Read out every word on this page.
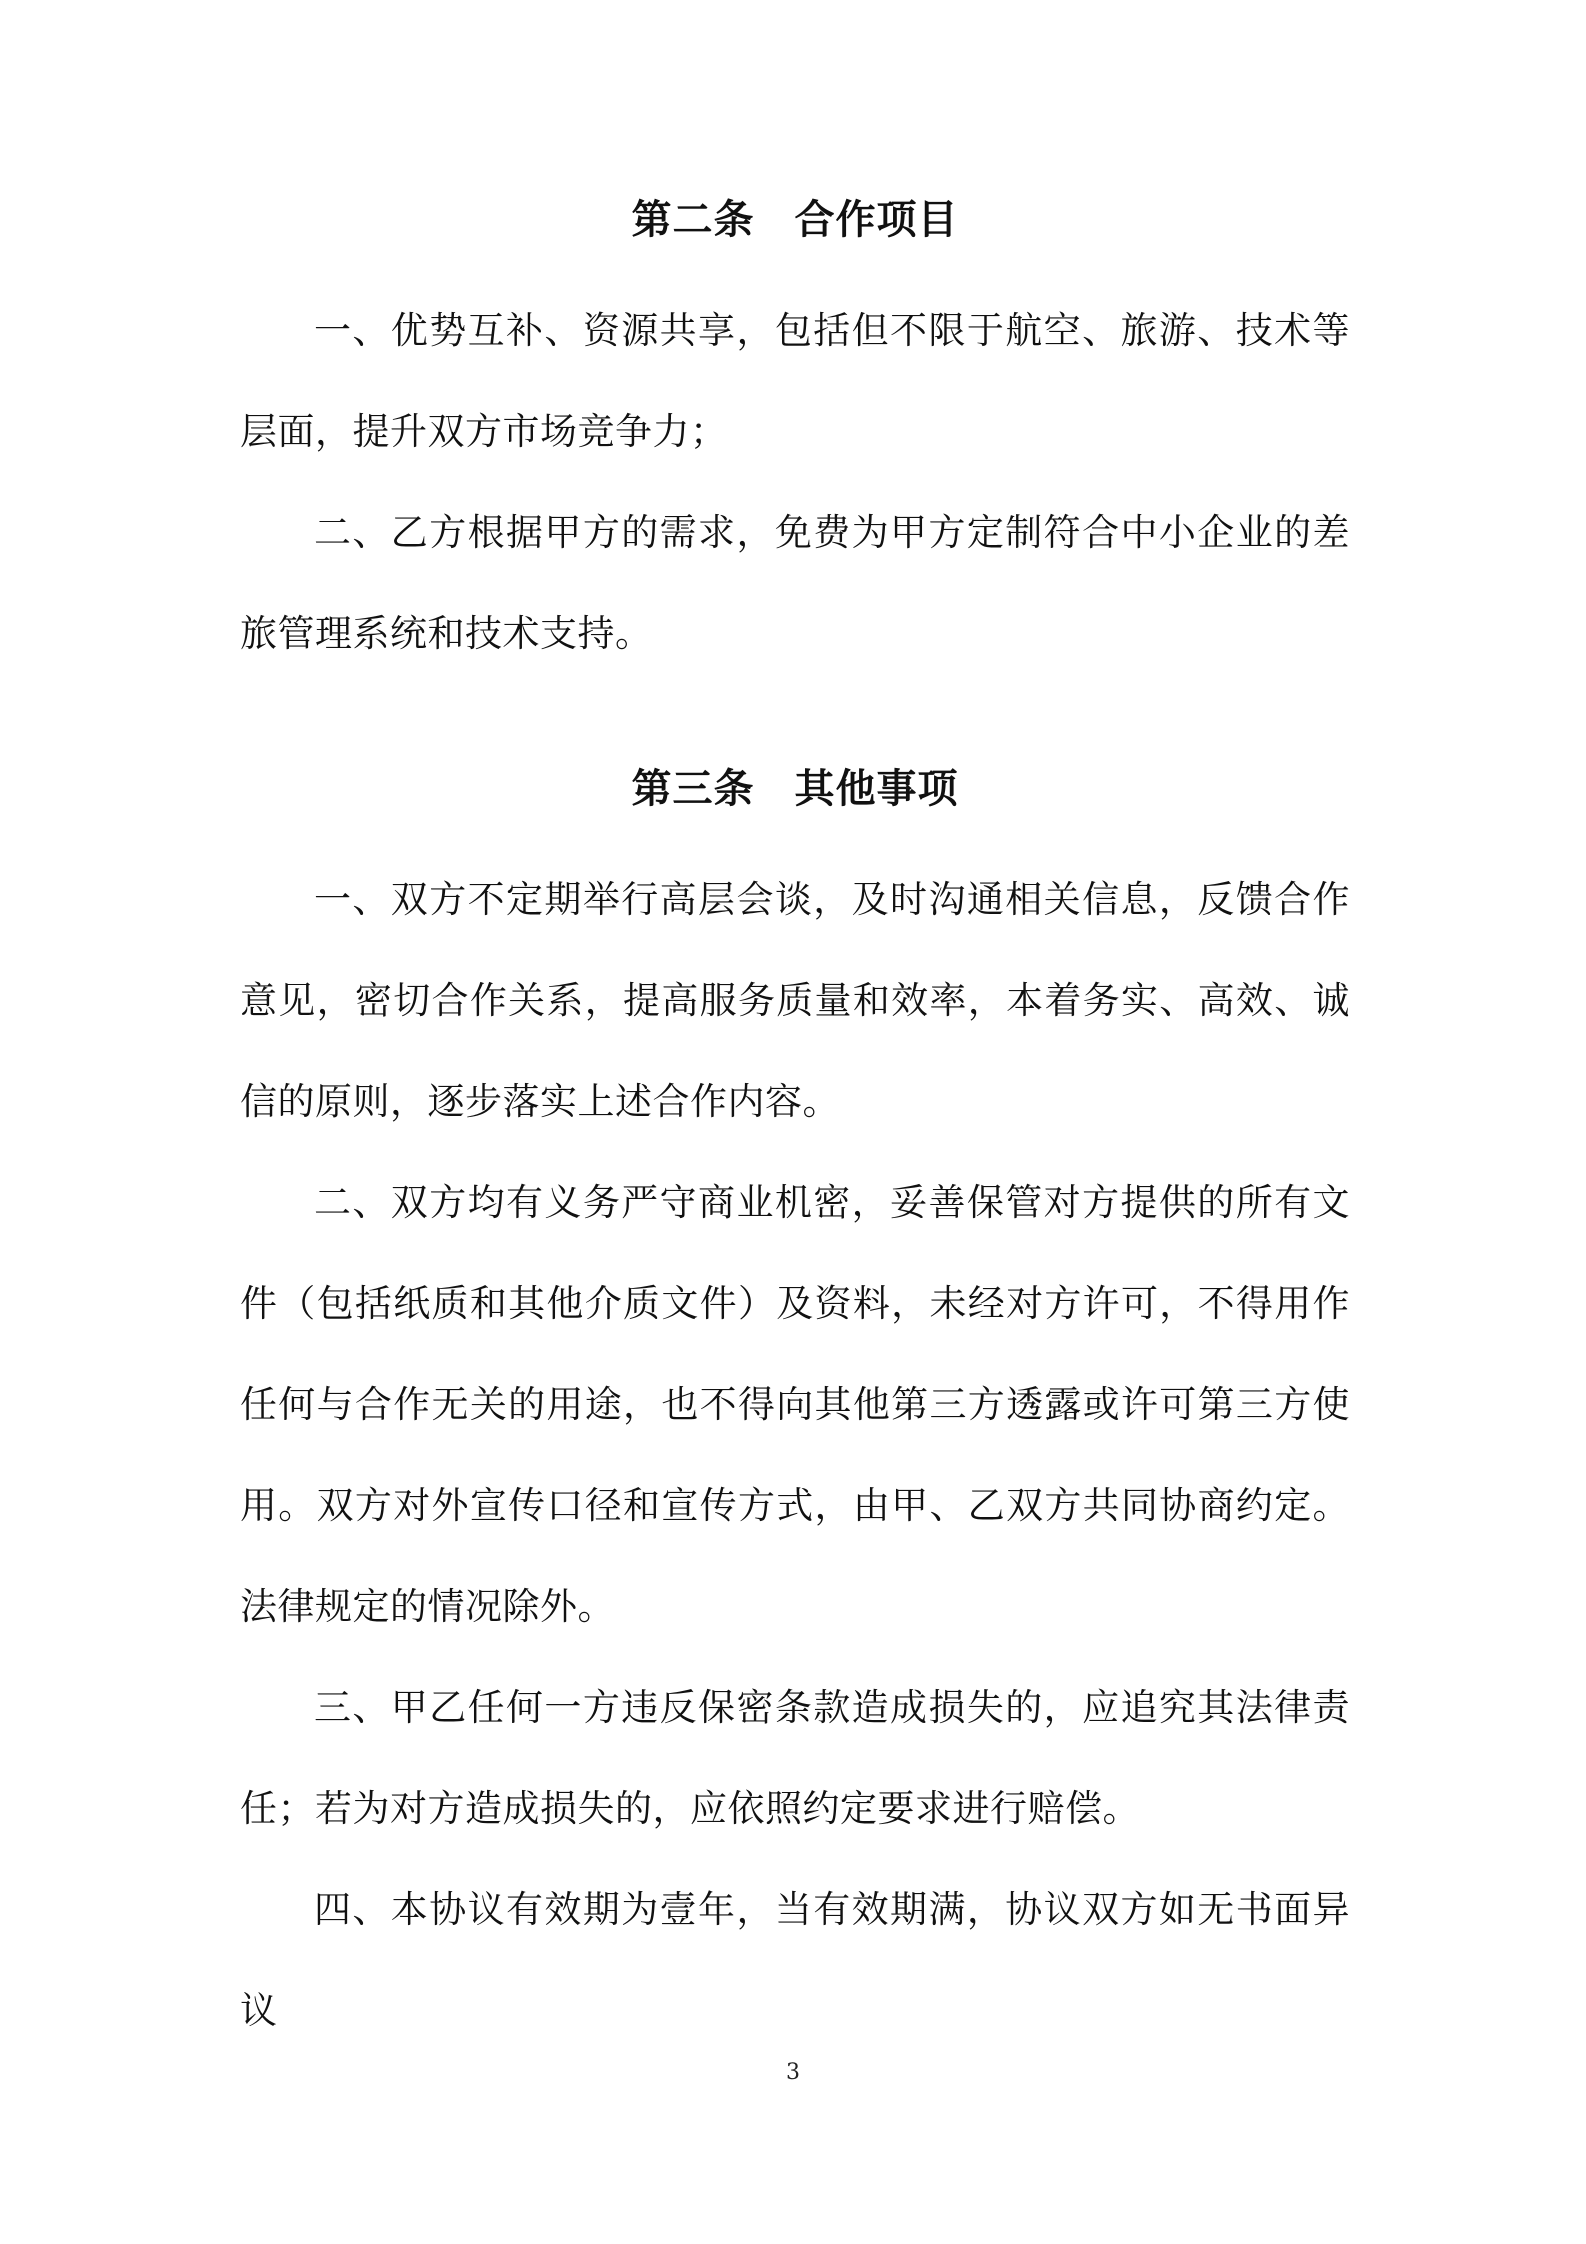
第二条 合作项目

一、优势互补、资源共享，包括但不限于航空、旅游、技术等层面，提升双方市场竞争力；

二、乙方根据甲方的需求，免费为甲方定制符合中小企业的差旅管理系统和技术支持。

第三条 其他事项

一、双方不定期举行高层会谈，及时沟通相关信息，反馈合作意见，密切合作关系，提高服务质量和效率，本着务实、高效、诚信的原则，逐步落实上述合作内容。

二、双方均有义务严守商业机密，妥善保管对方提供的所有文件（包括纸质和其他介质文件）及资料，未经对方许可，不得用作任何与合作无关的用途，也不得向其他第三方透露或许可第三方使用。双方对外宣传口径和宣传方式，由甲、乙双方共同协商约定。法律规定的情况除外。

三、甲乙任何一方违反保密条款造成损失的，应追究其法律责任；若为对方造成损失的，应依照约定要求进行赔偿。

四、本协议有效期为壹年，当有效期满，协议双方如无书面异议

3
